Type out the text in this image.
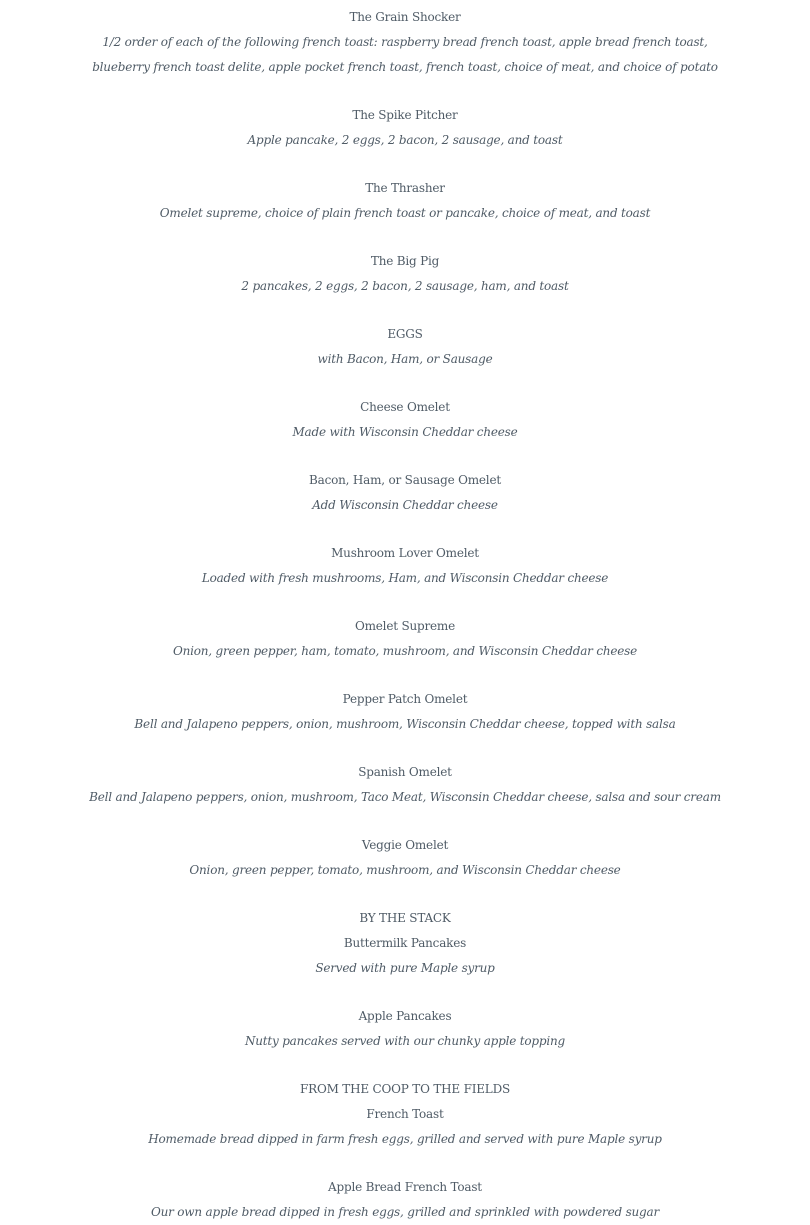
The Grain Shocker
1/2 order of each of the following french toast: raspberry bread french toast, apple bread french toast,
blueberry french toast delite, apple pocket french toast, french toast, choice of meat, and choice of potato
The Spike Pitcher
Apple pancake, 2 eggs, 2 bacon, 2 sausage, and toast
The Thrasher
Omelet supreme, choice of plain french toast or pancake, choice of meat, and toast
The Big Pig
2 pancakes, 2 eggs, 2 bacon, 2 sausage, ham, and toast
EGGS
with Bacon, Ham, or Sausage
Cheese Omelet
Made with Wisconsin Cheddar cheese
Bacon, Ham, or Sausage Omelet
Add Wisconsin Cheddar cheese
Mushroom Lover Omelet
Loaded with fresh mushrooms, Ham, and Wisconsin Cheddar cheese
Omelet Supreme
Onion, green pepper, ham, tomato, mushroom, and Wisconsin Cheddar cheese
Pepper Patch Omelet
Bell and Jalapeno peppers, onion, mushroom, Wisconsin Cheddar cheese, topped with salsa
Spanish Omelet
Bell and Jalapeno peppers, onion, mushroom, Taco Meat, Wisconsin Cheddar cheese, salsa and sour cream
Veggie Omelet
Onion, green pepper, tomato, mushroom, and Wisconsin Cheddar cheese
BY THE STACK
Buttermilk Pancakes
Served with pure Maple syrup
Apple Pancakes
Nutty pancakes served with our chunky apple topping
FROM THE COOP TO THE FIELDS
French Toast
Homemade bread dipped in farm fresh eggs, grilled and served with pure Maple syrup
Apple Bread French Toast
Our own apple bread dipped in fresh eggs, grilled and sprinkled with powdered sugar
